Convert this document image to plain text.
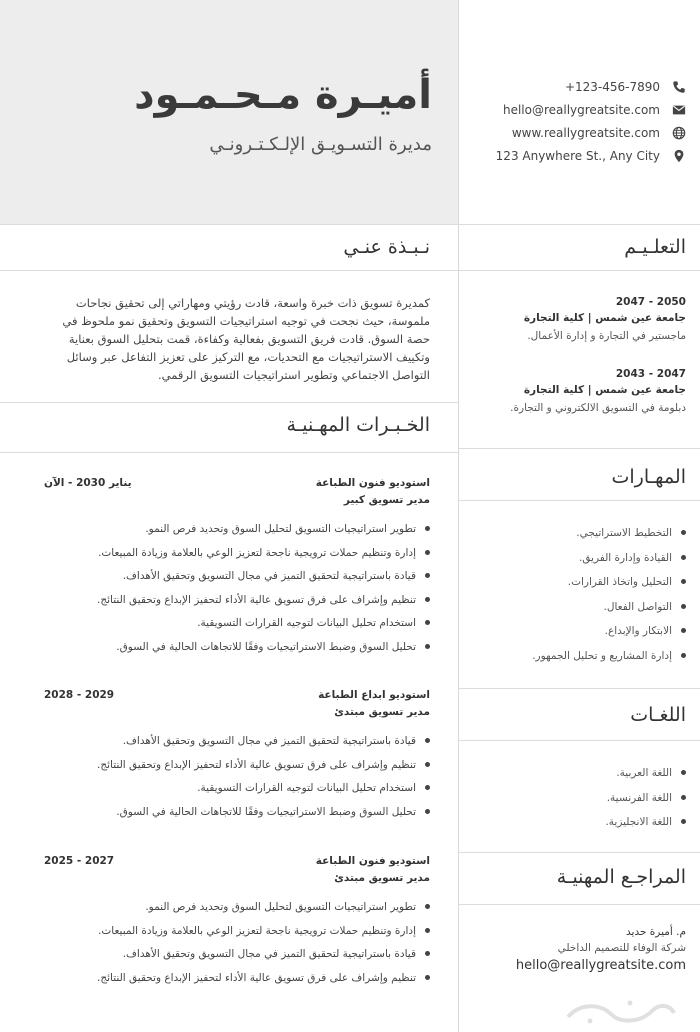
أميـرة مـحـمـود
مديرة التسـويـق الإلـكـتـرونـي
+123-456-7890
hello@reallygreatsite.com
www.reallygreatsite.com
123 Anywhere St., Any City
نـبـذة عنـي
الخـبـرات المهـنيـة
التعلـيـم
المهـارات
اللغـات
المراجـع المهنيـة
كمديرة تسويق ذات خبرة واسعة، قادت رؤيتي ومهاراتي إلى تحقيق نجاحات
ملموسة، حيث نجحت في توجيه استراتيجيات التسويق وتحقيق نمو ملحوظ في
حصة السوق. قادت فريق التسويق بفعالية وكفاءة، قمت بتحليل السوق بعناية
وتكييف الاستراتيجيات مع التحديات، مع التركيز على تعزيز التفاعل عبر وسائل
التواصل الاجتماعي وتطوير استراتيجيات التسويق الرقمي.
استوديو فنون الطباعة
يناير 2030 - الآن
مدير تسويق كبير
تطوير استراتيجيات التسويق لتحليل السوق وتحديد فرص النمو.
إدارة وتنظيم حملات ترويجية ناجحة لتعزيز الوعي بالعلامة وزيادة المبيعات.
قيادة باستراتيجية لتحقيق التميز في مجال التسويق وتحقيق الأهداف.
تنظيم وإشراف على فرق تسويق عالية الأداء لتحفيز الإبداع وتحقيق النتائج.
استخدام تحليل البيانات لتوجيه القرارات التسويقية.
تحليل السوق وضبط الاستراتيجيات وفقًا للاتجاهات الحالية في السوق.
استوديو ابداع الطباعة
2028 - 2029
مدير تسويق مبتدئ
قيادة باستراتيجية لتحقيق التميز في مجال التسويق وتحقيق الأهداف.
تنظيم وإشراف على فرق تسويق عالية الأداء لتحفيز الإبداع وتحقيق النتائج.
استخدام تحليل البيانات لتوجيه القرارات التسويقية.
تحليل السوق وضبط الاستراتيجيات وفقًا للاتجاهات الحالية في السوق.
استوديو فنون الطباعة
2025 - 2027
مدير تسويق مبتدئ
تطوير استراتيجيات التسويق لتحليل السوق وتحديد فرص النمو.
إدارة وتنظيم حملات ترويجية ناجحة لتعزيز الوعي بالعلامة وزيادة المبيعات.
قيادة باستراتيجية لتحقيق التميز في مجال التسويق وتحقيق الأهداف.
تنظيم وإشراف على فرق تسويق عالية الأداء لتحفيز الإبداع وتحقيق النتائج.
2047 - 2050
جامعة عين شمس | كلية التجارة
ماجستير في التجارة و إدارة الأعمال.
2043 - 2047
جامعة عين شمس | كلية التجارة
دبلومة في التسويق الالكتروني و التجارة.
التخطيط الاستراتيجي.
القيادة وإدارة الفريق.
التحليل واتخاذ القرارات.
التواصل الفعال.
الابتكار والإبداع.
إدارة المشاريع و تحليل الجمهور.
اللغة العربية.
اللغة الفرنسية.
اللغة الانجليزية.
م. أميرة حديد
شركة الوفاء للتصميم الداخلي
hello@reallygreatsite.com
